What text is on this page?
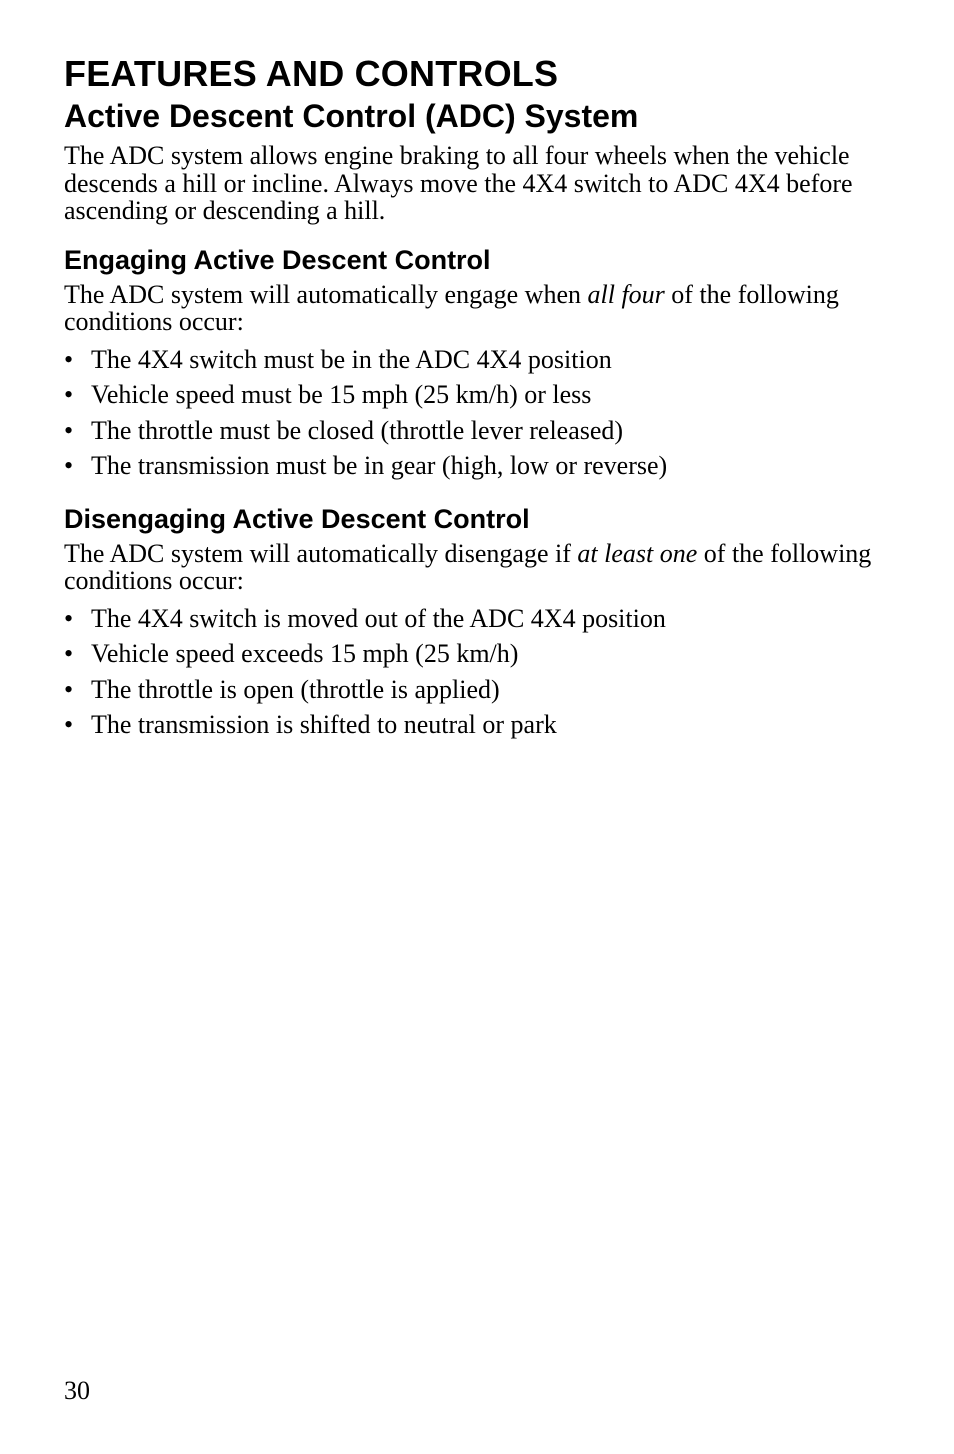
FEATURES AND CONTROLS
Active Descent Control (ADC) System

The ADC system allows engine braking to all four wheels when the vehicle descends a hill or incline. Always move the 4X4 switch to ADC 4X4 before ascending or descending a hill.

Engaging Active Descent Control

The ADC system will automatically engage when all four of the following conditions occur:

• The 4X4 switch must be in the ADC 4X4 position
• Vehicle speed must be 15 mph (25 km/h) or less
• The throttle must be closed (throttle lever released)
• The transmission must be in gear (high, low or reverse)
Disengaging Active Descent Control

The ADC system will automatically disengage if at least one of the following conditions occur:

• The 4X4 switch is moved out of the ADC 4X4 position
• Vehicle speed exceeds 15 mph (25 km/h)
• The throttle is open (throttle is applied)
• The transmission is shifted to neutral or park
30
